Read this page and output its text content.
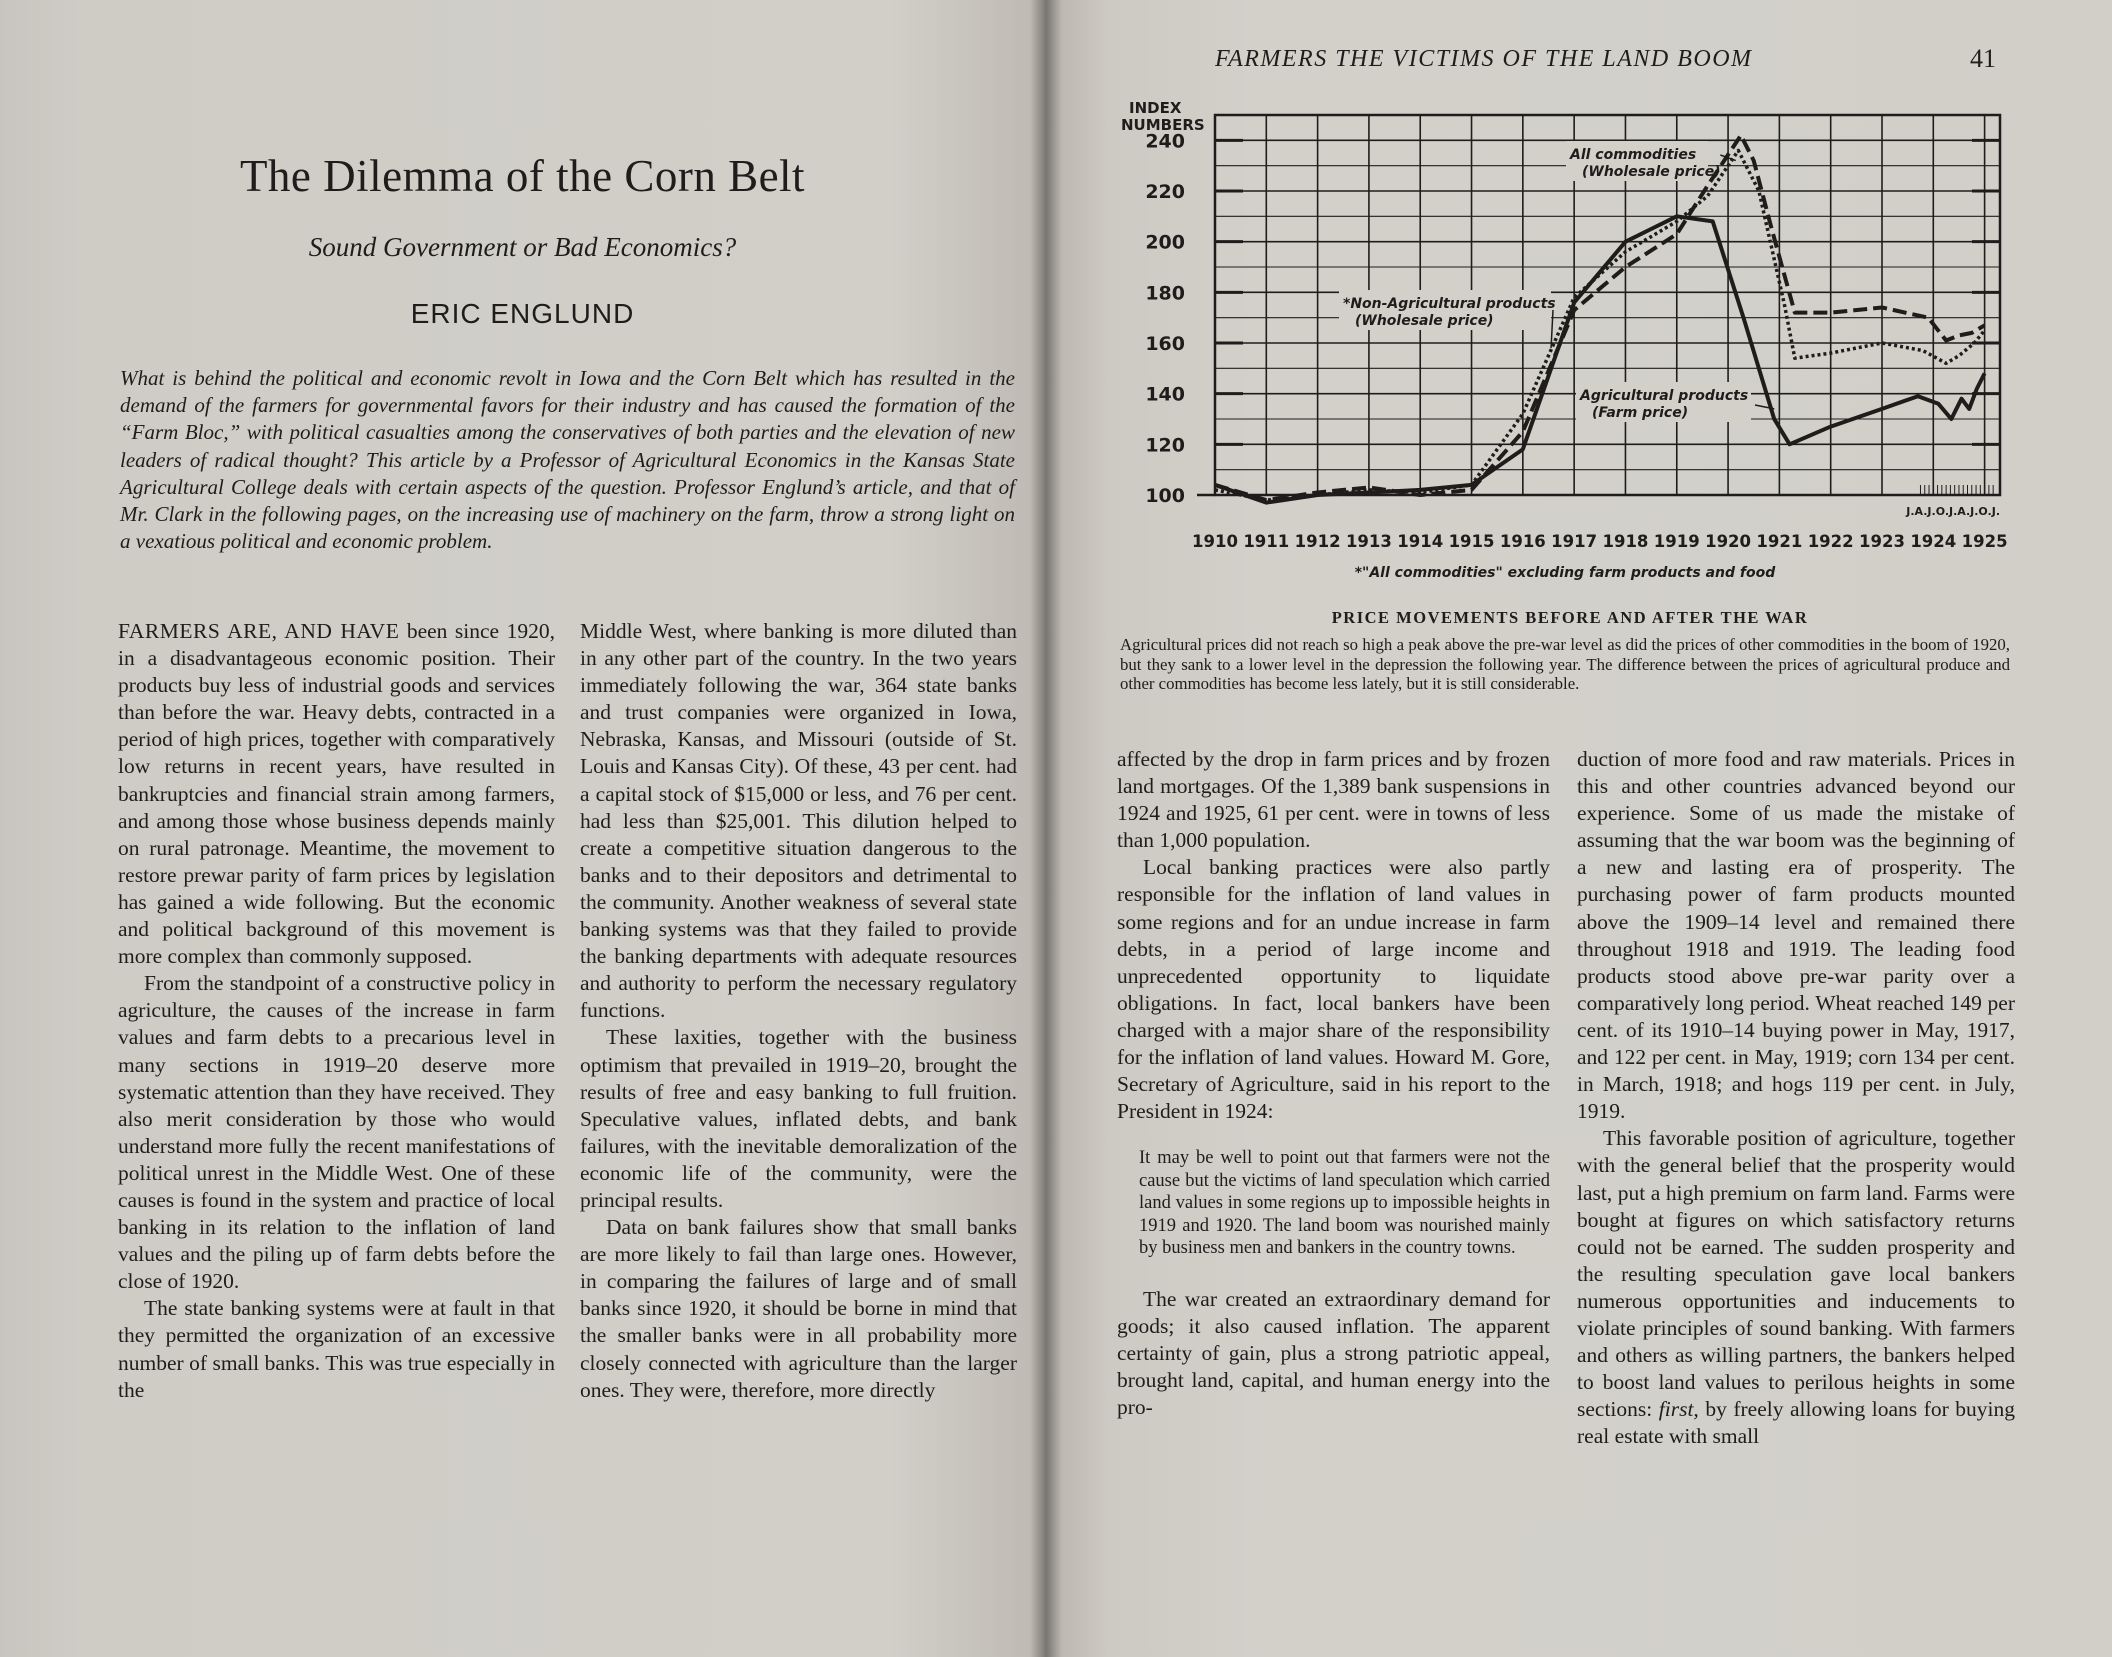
The Dilemma of the Corn Belt
Sound Government or Bad Economics?
ERIC ENGLUND
What is behind the political and economic revolt in Iowa and the Corn Belt which has resulted in the demand of the farmers for governmental favors for their industry and has caused the formation of the “Farm Bloc,” with political casualties among the conservatives of both parties and the elevation of new leaders of radical thought? This article by a Professor of Agricultural Economics in the Kansas State Agricultural College deals with certain aspects of the question. Professor Englund’s article, and that of Mr. Clark in the following pages, on the increasing use of machinery on the farm, throw a strong light on a vexatious political and economic problem.

FARMERS ARE, AND HAVE been since 1920, in a disadvantageous economic position. Their products buy less of industrial goods and services than before the war. Heavy debts, contracted in a period of high prices, together with comparatively low returns in recent years, have resulted in bankruptcies and financial strain among farmers, and among those whose business depends mainly on rural patronage. Meantime, the movement to restore prewar parity of farm prices by legislation has gained a wide following. But the economic and political background of this movement is more complex than commonly supposed.

From the standpoint of a constructive policy in agriculture, the causes of the increase in farm values and farm debts to a precarious level in many sections in 1919–20 deserve more systematic attention than they have received. They also merit consideration by those who would understand more fully the recent manifestations of political unrest in the Middle West. One of these causes is found in the system and practice of local banking in its relation to the inflation of land values and the piling up of farm debts before the close of 1920.

The state banking systems were at fault in that they permitted the organization of an excessive number of small banks. This was true especially in the

Middle West, where banking is more diluted than in any other part of the country. In the two years immediately following the war, 364 state banks and trust companies were organized in Iowa, Nebraska, Kansas, and Missouri (outside of St. Louis and Kansas City). Of these, 43 per cent. had a capital stock of $15,000 or less, and 76 per cent. had less than $25,001. This dilution helped to create a competitive situation dangerous to the banks and to their depositors and detrimental to the community. Another weakness of several state banking systems was that they failed to provide the banking departments with adequate resources and authority to perform the necessary regulatory functions.

These laxities, together with the business optimism that prevailed in 1919–20, brought the results of free and easy banking to full fruition. Speculative values, inflated debts, and bank failures, with the inevitable demoralization of the economic life of the community, were the principal results.

Data on bank failures show that small banks are more likely to fail than large ones. However, in comparing the failures of large and of small banks since 1920, it should be borne in mind that the smaller banks were in all probability more closely connected with agriculture than the larger ones. They were, therefore, more directly

FARMERS THE VICTIMS OF THE LAND BOOM	41
100
120
140
160
180
200
220
240
INDEX
NUMBERS
J.A.J.O.J.A.J.O.J.
1910 1911 1912 1913 1914 1915 1916 1917 1918 1919 1920 1921 1922 1923 1924 1925
*"All commodities" excluding farm products and food
All commodities
(Wholesale price)
*Non-Agricultural products
(Wholesale price)
Agricultural products
(Farm price)
PRICE MOVEMENTS BEFORE AND AFTER THE WAR
Agricultural prices did not reach so high a peak above the pre-war level as did the prices of other commodities in the boom of 1920, but they sank to a lower level in the depression the following year. The difference between the prices of agricultural produce and other commodities has become less lately, but it is still considerable.

affected by the drop in farm prices and by frozen land mortgages. Of the 1,389 bank suspensions in 1924 and 1925, 61 per cent. were in towns of less than 1,000 population.

Local banking practices were also partly responsible for the inflation of land values in some regions and for an undue increase in farm debts, in a period of large income and unprecedented opportunity to liquidate obligations. In fact, local bankers have been charged with a major share of the responsibility for the inflation of land values. Howard M. Gore, Secretary of Agriculture, said in his report to the President in 1924:

It may be well to point out that farmers were not the cause but the victims of land speculation which carried land values in some regions up to impossible heights in 1919 and 1920. The land boom was nourished mainly by business men and bankers in the country towns.

The war created an extraordinary demand for goods; it also caused inflation. The apparent certainty of gain, plus a strong patriotic appeal, brought land, capital, and human energy into the pro-

duction of more food and raw materials. Prices in this and other countries advanced beyond our experience. Some of us made the mistake of assuming that the war boom was the beginning of a new and lasting era of prosperity. The purchasing power of farm products mounted above the 1909–14 level and remained there throughout 1918 and 1919. The leading food products stood above pre-war parity over a comparatively long period. Wheat reached 149 per cent. of its 1910–14 buying power in May, 1917, and 122 per cent. in May, 1919; corn 134 per cent. in March, 1918; and hogs 119 per cent. in July, 1919.

This favorable position of agriculture, together with the general belief that the prosperity would last, put a high premium on farm land. Farms were bought at figures on which satisfactory returns could not be earned. The sudden prosperity and the resulting speculation gave local bankers numerous opportunities and inducements to violate principles of sound banking. With farmers and others as willing partners, the bankers helped to boost land values to perilous heights in some sections: first, by freely allowing loans for buying real estate with small
